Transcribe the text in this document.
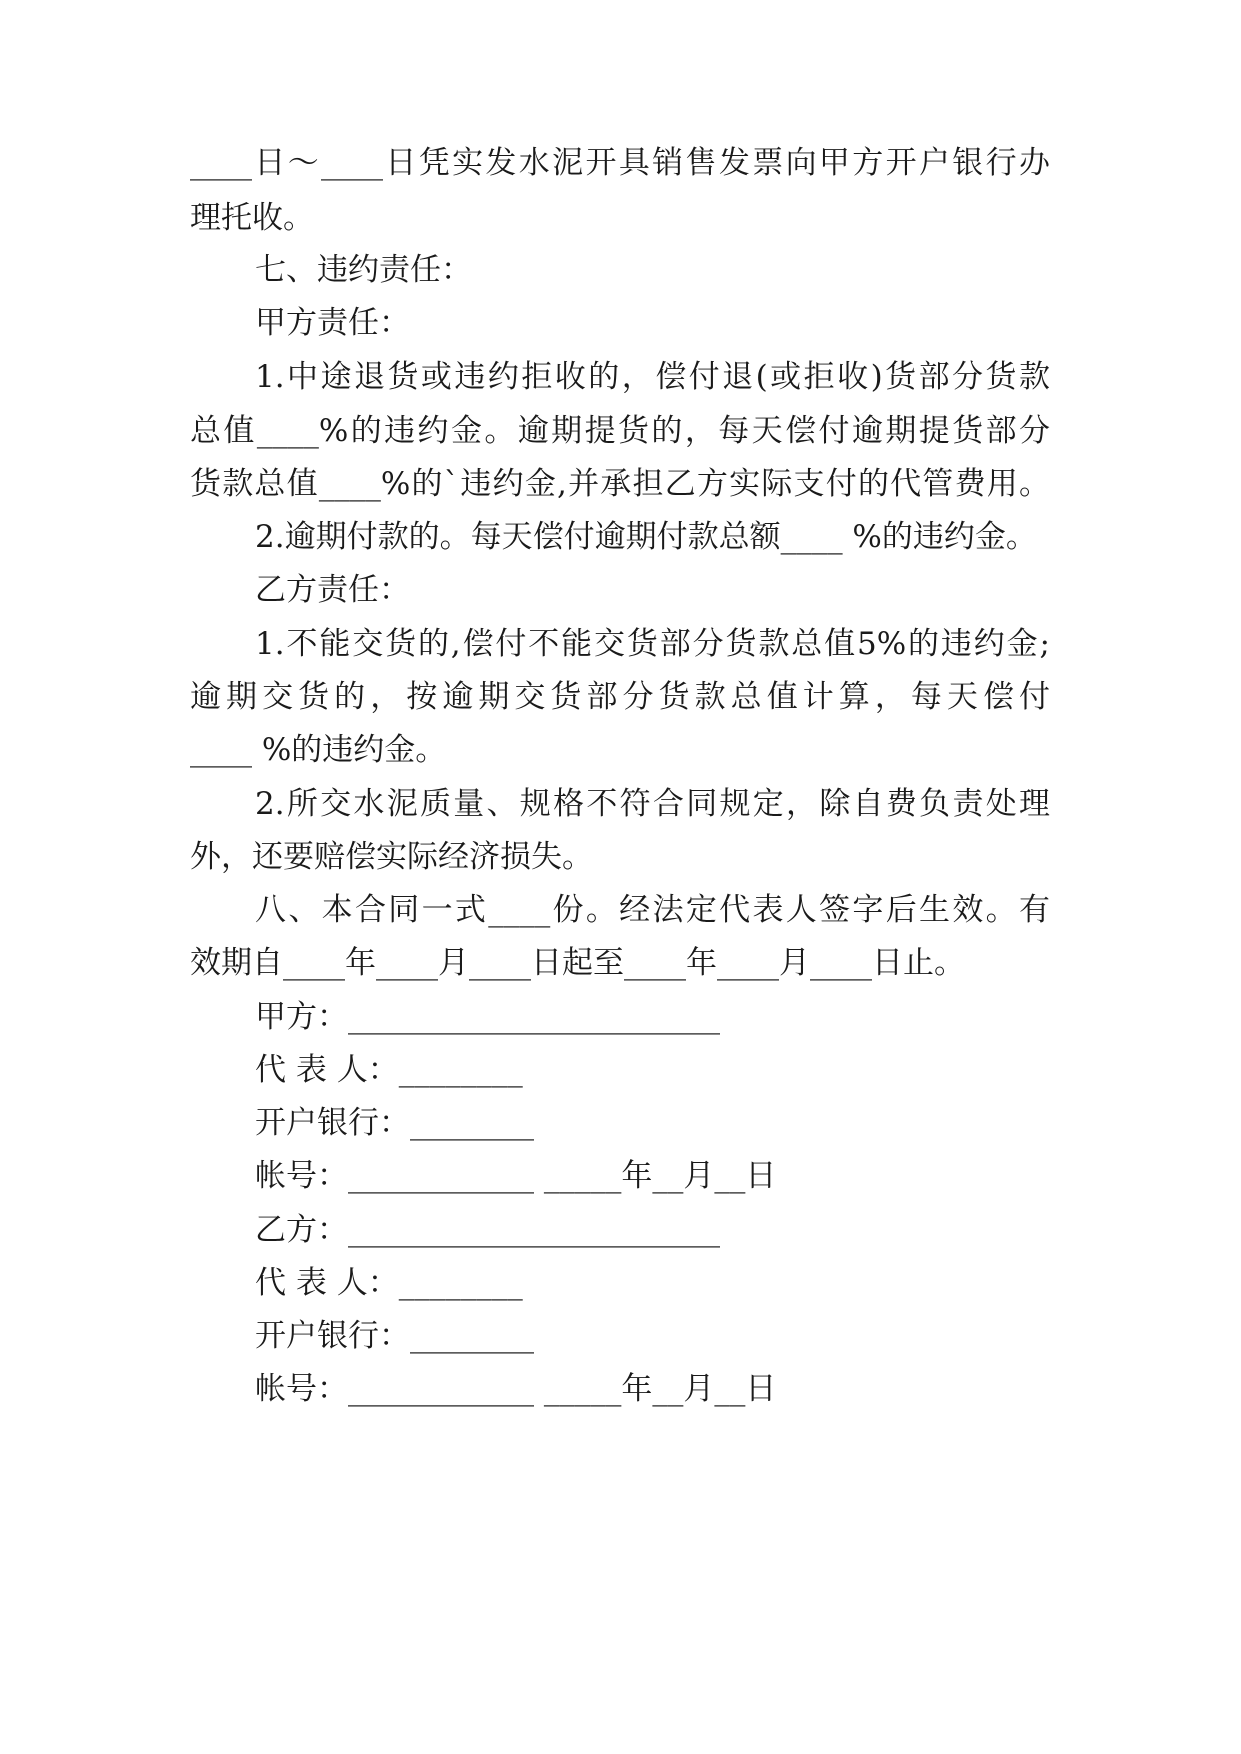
____日～____日凭实发水泥开具销售发票向甲方开户银行办
理托收。
七、违约责任：
甲方责任：
1.中途退货或违约拒收的，偿付退(或拒收)货部分货款
总值____%的违约金。逾期提货的，每天偿付逾期提货部分
货款总值____%的`违约金,并承担乙方实际支付的代管费用。
2.逾期付款的。每天偿付逾期付款总额____ %的违约金。
乙方责任：
1.不能交货的,偿付不能交货部分货款总值5%的违约金;
逾期交货的，按逾期交货部分货款总值计算，每天偿付
____ %的违约金。
2.所交水泥质量、规格不符合同规定，除自费负责处理
外，还要赔偿实际经济损失。
八、本合同一式____份。经法定代表人签字后生效。有
效期自____年____月____日起至____年____月____日止。
甲方：________________________
代 表 人：________
开户银行：________
帐号：____________ _____年__月__日
乙方：________________________
代 表 人：________
开户银行：________
帐号：____________ _____年__月__日
